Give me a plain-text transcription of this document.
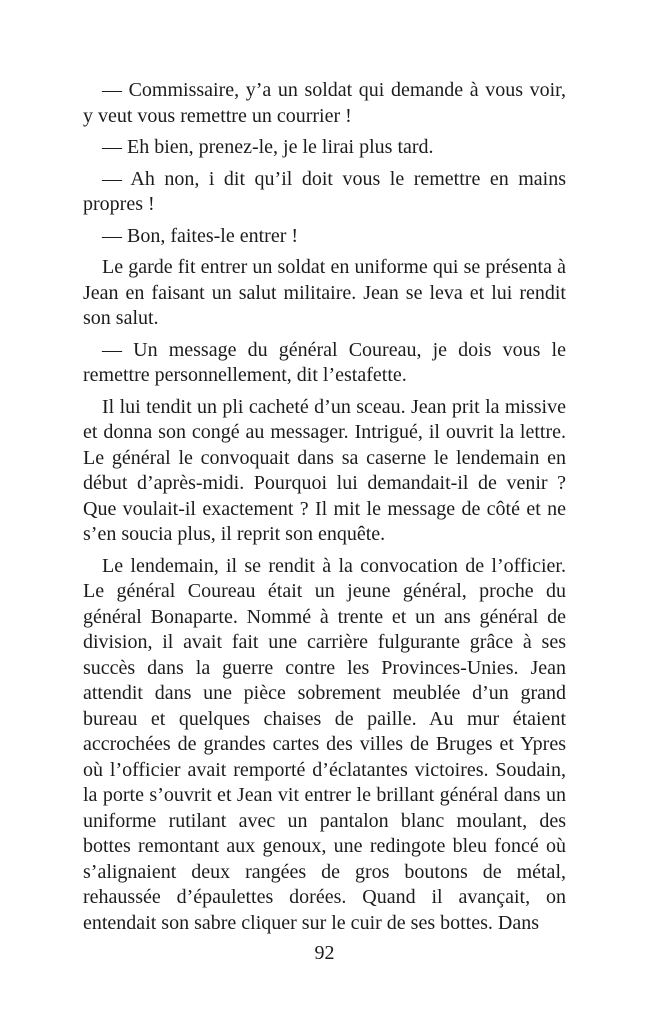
— Commissaire, y’a un soldat qui demande à vous voir, y veut vous remettre un courrier !

— Eh bien, prenez-le, je le lirai plus tard.

— Ah non, i dit qu’il doit vous le remettre en mains propres !

— Bon, faites-le entrer !

Le garde fit entrer un soldat en uniforme qui se présenta à Jean en faisant un salut militaire. Jean se leva et lui rendit son salut.

— Un message du général Coureau, je dois vous le remettre personnellement, dit l’estafette.

Il lui tendit un pli cacheté d’un sceau. Jean prit la missive et donna son congé au messager. Intrigué, il ouvrit la lettre. Le général le convoquait dans sa caserne le lendemain en début d’après-midi. Pourquoi lui demandait-il de venir ? Que voulait-il exactement ? Il mit le message de côté et ne s’en soucia plus, il reprit son enquête.

Le lendemain, il se rendit à la convocation de l’officier. Le général Coureau était un jeune général, proche du général Bonaparte. Nommé à trente et un ans général de division, il avait fait une carrière fulgurante grâce à ses succès dans la guerre contre les Provinces-Unies. Jean attendit dans une pièce sobrement meublée d’un grand bureau et quelques chaises de paille. Au mur étaient accrochées de grandes cartes des villes de Bruges et Ypres où l’officier avait remporté d’éclatantes victoires. Soudain, la porte s’ouvrit et Jean vit entrer le brillant général dans un uniforme rutilant avec un pantalon blanc moulant, des bottes remontant aux genoux, une redingote bleu foncé où s’alignaient deux rangées de gros boutons de métal, rehaussée d’épaulettes dorées. Quand il avançait, on entendait son sabre cliquer sur le cuir de ses bottes. Dans

92
